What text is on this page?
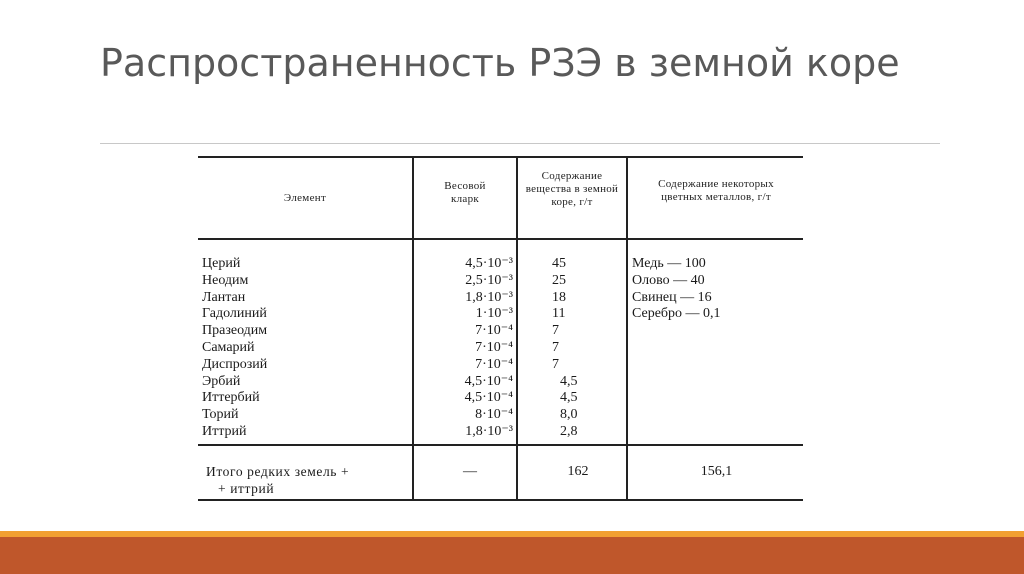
Распространенность РЗЭ в земной коре
Элемент
Весовой кларк
Содержание вещества в земной коре, г/т
Содержание некоторых цветных металлов, г/т
Церий
Неодим
Лантан
Гадолиний
Празеодим
Самарий
Диспрозий
Эрбий
Иттербий
Торий
Иттрий
4,5·10⁻³
2,5·10⁻³
1,8·10⁻³
1·10⁻³
7·10⁻⁴
7·10⁻⁴
7·10⁻⁴
4,5·10⁻⁴
4,5·10⁻⁴
8·10⁻⁴
1,8·10⁻³
45
25
18
11
7
7
7
4,5
4,5
8,0
2,8
Медь — 100
Олово — 40
Свинец — 16
Серебро — 0,1
Итого редких земель +
+ иттрий
—	162	156,1
